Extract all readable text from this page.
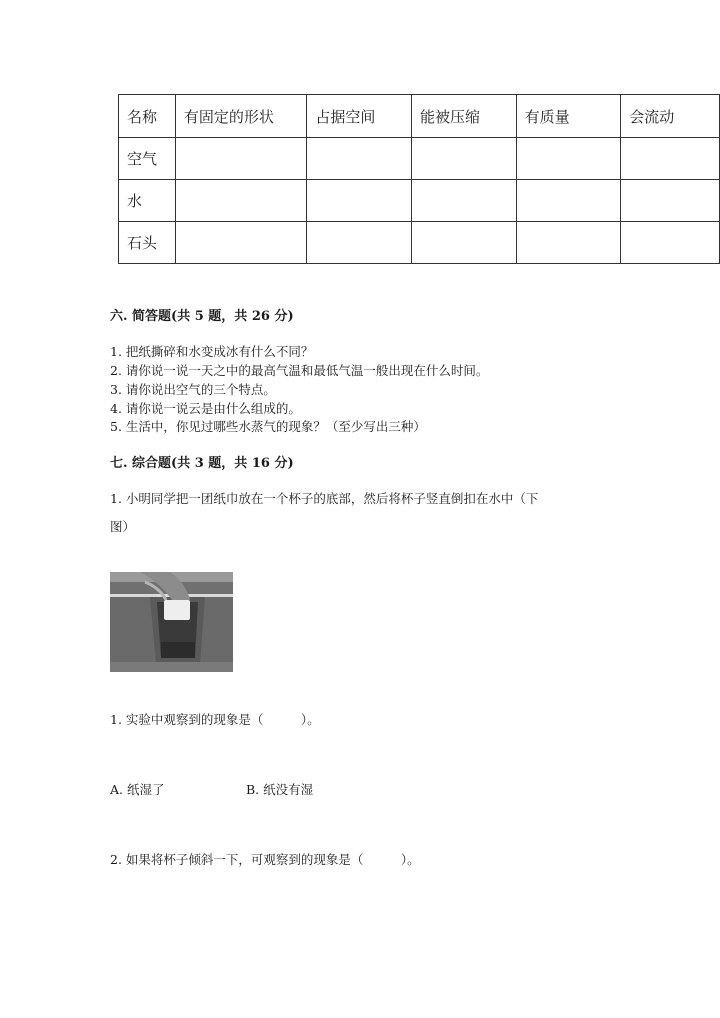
名称	有固定的形状	占据空间	能被压缩	有质量	会流动
空气					
水					
石头					
六. 简答题(共 5 题，共 26 分)
1. 把纸撕碎和水变成冰有什么不同？
2. 请你说一说一天之中的最高气温和最低气温一般出现在什么时间。
3. 请你说出空气的三个特点。
4. 请你说一说云是由什么组成的。
5. 生活中，你见过哪些水蒸气的现象？（至少写出三种）
七. 综合题(共 3 题，共 16 分)
1. 小明同学把一团纸巾放在一个杯子的底部，然后将杯子竖直倒扣在水中（下
图）
1. 实验中观察到的现象是（　　　）。
A. 纸湿了	B. 纸没有湿
2. 如果将杯子倾斜一下，可观察到的现象是（　　　）。
